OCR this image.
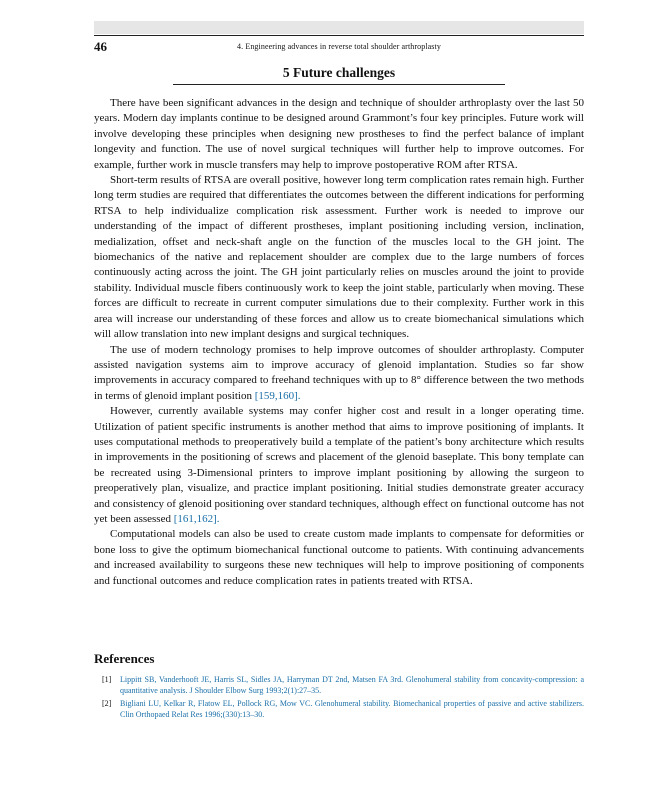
46	4. Engineering advances in reverse total shoulder arthroplasty
5 Future challenges

There have been significant advances in the design and technique of shoulder arthroplasty over the last 50 years. Modern day implants continue to be designed around Grammont’s four key principles. Future work will involve developing these principles when designing new prostheses to find the perfect balance of implant longevity and function. The use of novel surgical techniques will further help to improve outcomes. For example, further work in muscle transfers may help to improve postoperative ROM after RTSA.

Short-term results of RTSA are overall positive, however long term complication rates remain high. Further long term studies are required that differentiates the outcomes between the different indications for performing RTSA to help individualize complication risk assessment. Further work is needed to improve our understanding of the impact of different prostheses, implant positioning including version, inclination, medialization, offset and neck-shaft angle on the function of the muscles local to the GH joint. The biomechanics of the native and replacement shoulder are complex due to the large numbers of forces continuously acting across the joint. The GH joint particularly relies on muscles around the joint to provide stability. Individual muscle fibers continuously work to keep the joint stable, particularly when moving. These forces are difficult to recreate in current computer simulations due to their complexity. Further work in this area will increase our understanding of these forces and allow us to create biomechanical simulations which will allow translation into new implant designs and surgical techniques.

The use of modern technology promises to help improve outcomes of shoulder arthroplasty. Computer assisted navigation systems aim to improve accuracy of glenoid implantation. Studies so far show improvements in accuracy compared to freehand techniques with up to 8° difference between the two methods in terms of glenoid implant position [159,160].

However, currently available systems may confer higher cost and result in a longer operating time. Utilization of patient specific instruments is another method that aims to improve positioning of implants. It uses computational methods to preoperatively build a template of the patient’s bony architecture which results in improvements in the positioning of screws and placement of the glenoid baseplate. This bony template can be recreated using 3-Dimensional printers to improve implant positioning by allowing the surgeon to preoperatively plan, visualize, and practice implant positioning. Initial studies demonstrate greater accuracy and consistency of glenoid positioning over standard techniques, although effect on functional outcome has not yet been assessed [161,162].

Computational models can also be used to create custom made implants to compensate for deformities or bone loss to give the optimum biomechanical functional outcome to patients. With continuing advancements and increased availability to surgeons these new techniques will help to improve positioning of components and functional outcomes and reduce complication rates in patients treated with RTSA.

References
[1]	Lippitt SB, Vanderhooft JE, Harris SL, Sidles JA, Harryman DT 2nd, Matsen FA 3rd. Glenohumeral stability from concavity-compression: a quantitative analysis. J Shoulder Elbow Surg 1993;2(1):27–35.
[2]	Bigliani LU, Kelkar R, Flatow EL, Pollock RG, Mow VC. Glenohumeral stability. Biomechanical properties of passive and active stabilizers. Clin Orthopaed Relat Res 1996;(330):13–30.
